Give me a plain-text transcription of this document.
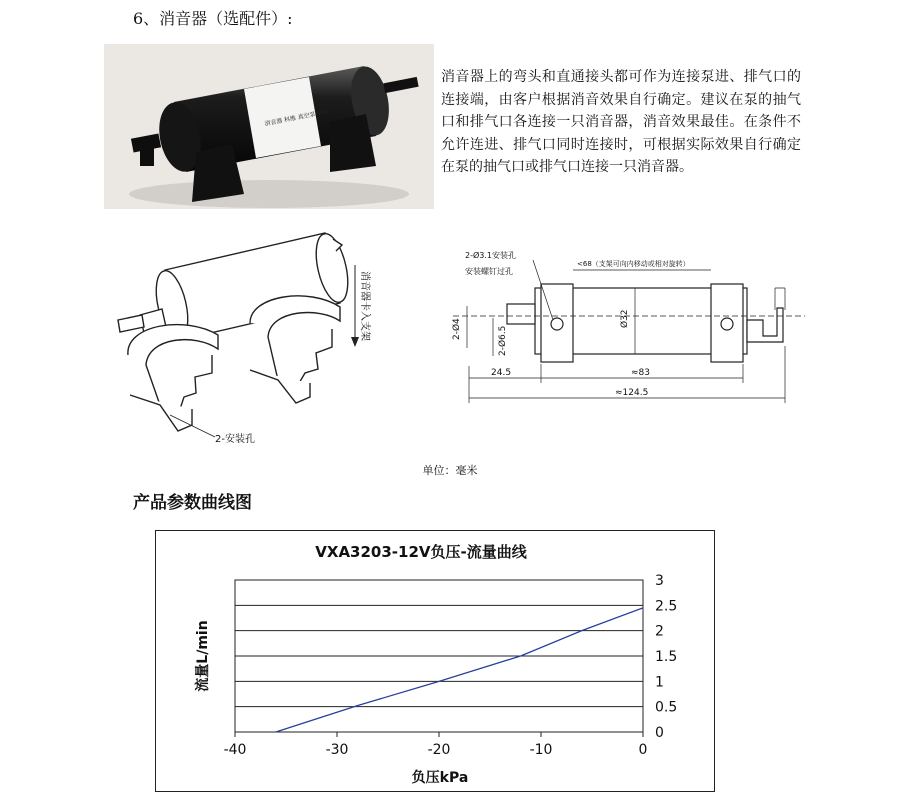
6、消音器（选配件）:
消音器 科维 真空泵 VXA
消音器上的弯头和直通接头都可作为连接泵进、排气口的连接端，由客户根据消音效果自行确定。建议在泵的抽气口和排气口各连接一只消音器，消音效果最佳。在条件不允许连进、排气口同时连接时，可根据实际效果自行确定在泵的抽气口或排气口连接一只消音器。
消音器卡入支架
2-安装孔
2-Ø3.1安装孔
安装螺钉过孔
<68（支架可向内移动或相对旋转）
Ø32
2-Ø4	2-Ø6.5
24.5	≈83
≈124.5
单位：毫米
产品参数曲线图
VXA3203-12V负压-流量曲线
0
0.5
1
1.5
2
2.5
3
-40	-30	-20	-10	0
负压kPa
流量L/min
